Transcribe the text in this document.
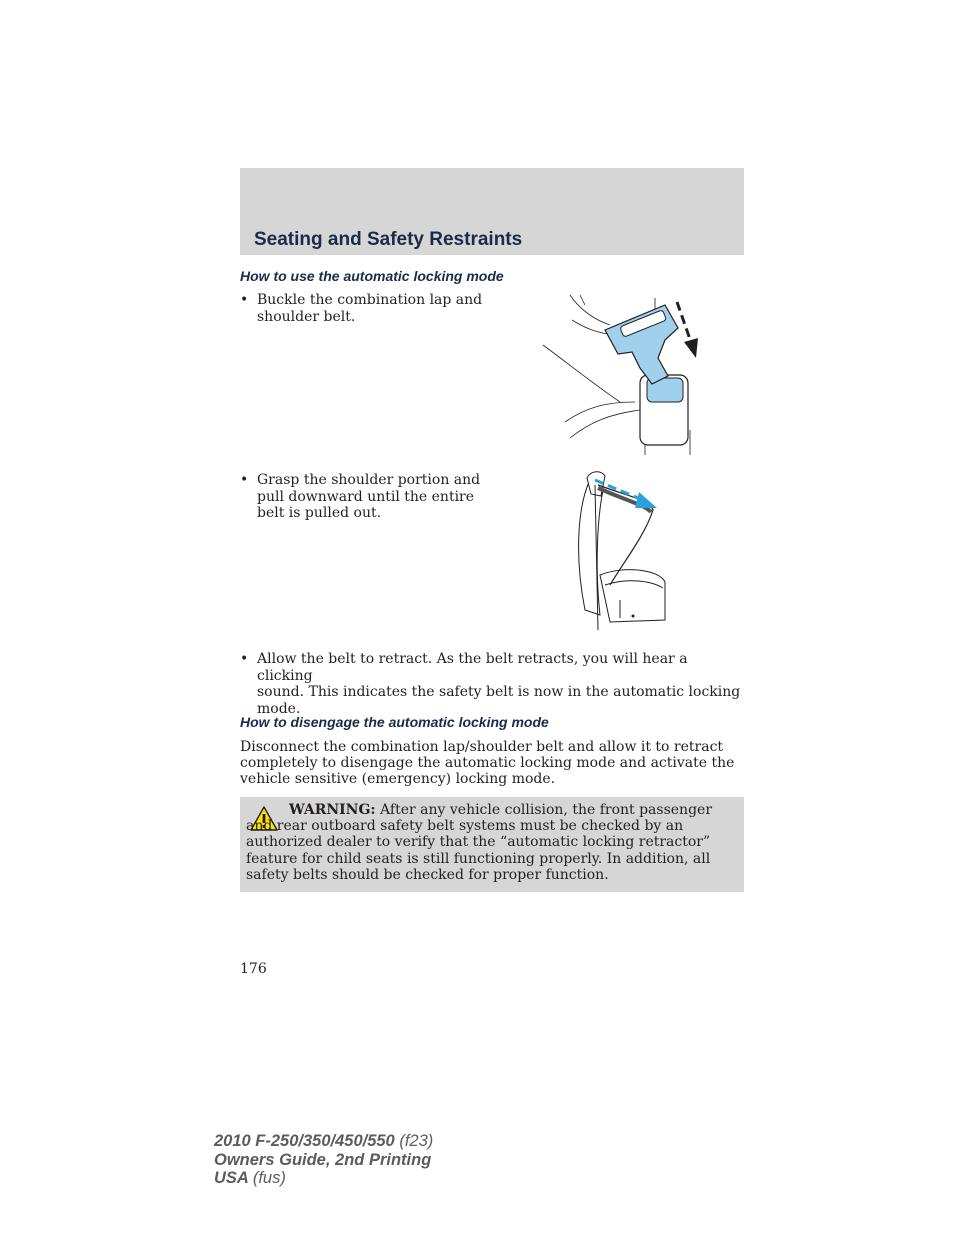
Seating and Safety Restraints
How to use the automatic locking mode
• Buckle the combination lap and
shoulder belt.
• Grasp the shoulder portion and
pull downward until the entire
belt is pulled out.
• Allow the belt to retract. As the belt retracts, you will hear a clicking
sound. This indicates the safety belt is now in the automatic locking
mode.
How to disengage the automatic locking mode
Disconnect the combination lap/shoulder belt and allow it to retract
completely to disengage the automatic locking mode and activate the
vehicle sensitive (emergency) locking mode.

WARNING: After any vehicle collision, the front passenger and rear outboard safety belt systems must be checked by an authorized dealer to verify that the “automatic locking retractor” feature for child seats is still functioning properly. In addition, all safety belts should be checked for proper function.

176
2010 F-250/350/450/550 (f23)
Owners Guide, 2nd Printing
USA (fus)
